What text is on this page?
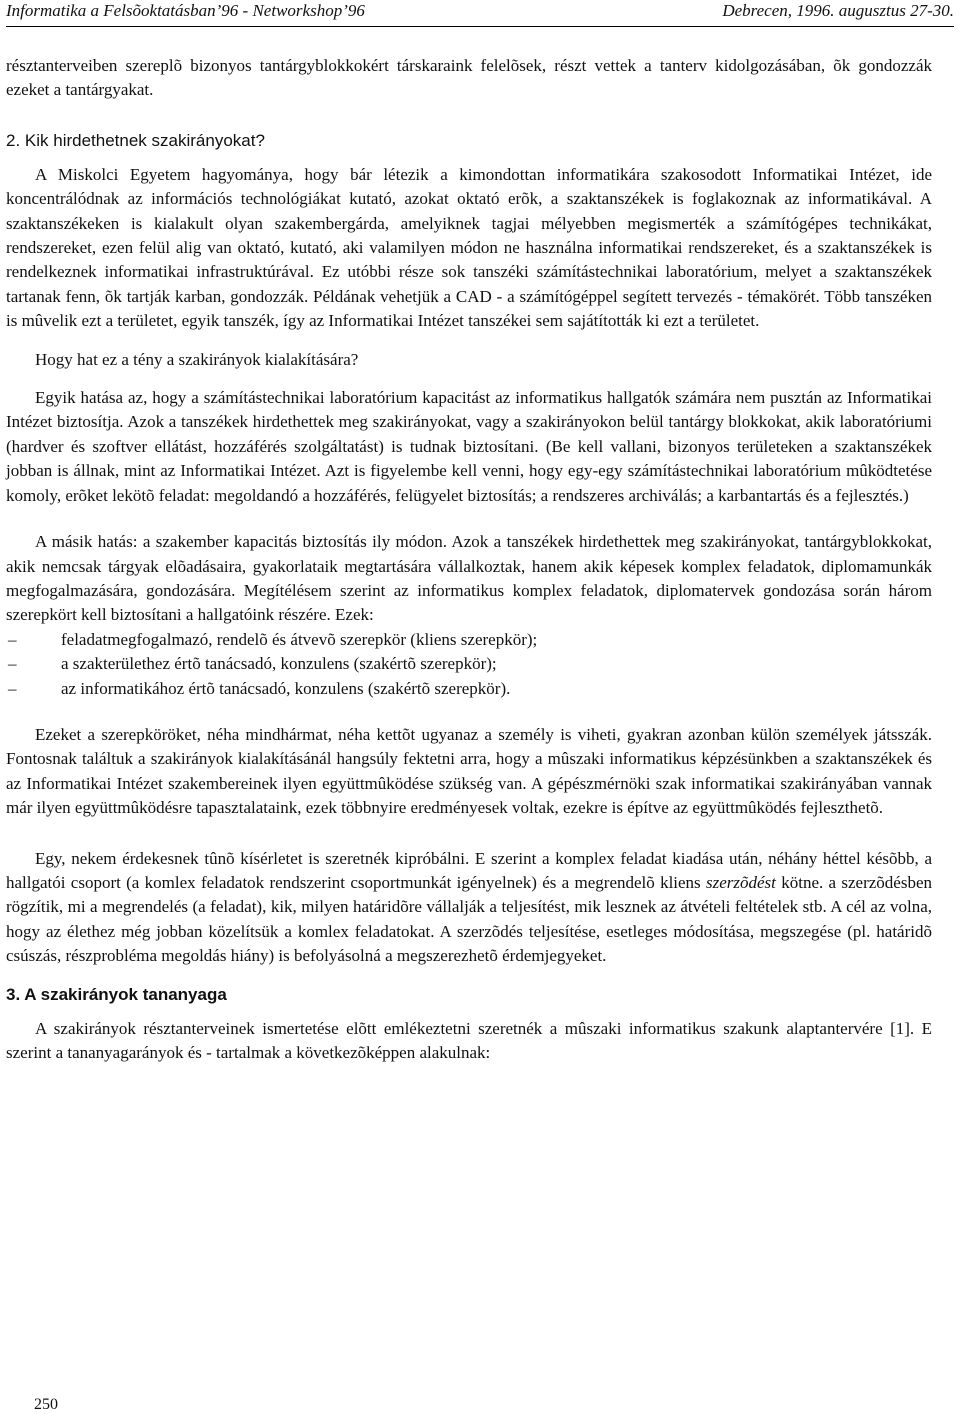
Informatika a Felsõoktatásban’96 - Networkshop’96	Debrecen, 1996. augusztus 27-30.

résztanterveiben szereplõ bizonyos tantárgyblokkokért társkaraink felelõsek, részt vettek a tanterv kidolgozásában, õk gondozzák ezeket a tantárgyakat.

2. Kik hirdethetnek szakirányokat?

A Miskolci Egyetem hagyománya, hogy bár létezik a kimondottan informatikára szakosodott Informatikai Intézet, ide koncentrálódnak az információs technológiákat kutató, azokat oktató erõk, a szaktanszékek is foglakoznak az informatikával. A szaktanszékeken is kialakult olyan szakembergárda, amelyiknek tagjai mélyebben megismerték a számítógépes technikákat, rendszereket, ezen felül alig van oktató, kutató, aki valamilyen módon ne használna informatikai rendszereket, és a szaktanszékek is rendelkeznek informatikai infrastruktúrával. Ez utóbbi része sok tanszéki számítástechnikai laboratórium, melyet a szaktanszékek tartanak fenn, õk tartják karban, gondozzák. Példának vehetjük a CAD - a számítógéppel segített tervezés - témakörét. Több tanszéken is mûvelik ezt a területet, egyik tanszék, így az Informatikai Intézet tanszékei sem sajátították ki ezt a területet.

Hogy hat ez a tény a szakirányok kialakítására?

Egyik hatása az, hogy a számítástechnikai laboratórium kapacitást az informatikus hallgatók számára nem pusztán az Informatikai Intézet biztosítja. Azok a tanszékek hirdethettek meg szakirányokat, vagy a szakirányokon belül tantárgy blokkokat, akik laboratóriumi (hardver és szoftver ellátást, hozzáférés szolgáltatást) is tudnak biztosítani. (Be kell vallani, bizonyos területeken a szaktanszékek jobban is állnak, mint az Informatikai Intézet. Azt is figyelembe kell venni, hogy egy-egy számítástechnikai laboratórium mûködtetése komoly, erõket lekötõ feladat: megoldandó a hozzáférés, felügyelet biztosítás; a rendszeres archiválás; a karbantartás és a fejlesztés.)

A másik hatás: a szakember kapacitás biztosítás ily módon. Azok a tanszékek hirdethettek meg szakirányokat, tantárgyblokkokat, akik nemcsak tárgyak elõadásaira, gyakorlataik megtartására vállalkoztak, hanem akik képesek komplex feladatok, diplomamunkák megfogalmazására, gondozására. Megítélésem szerint az informatikus komplex feladatok, diplomatervek gondozása során három szerepkört kell biztosítani a hallgatóink részére. Ezek:

–	feladatmegfogalmazó, rendelõ és átvevõ szerepkör (kliens szerepkör);
–	a szakterülethez értõ tanácsadó, konzulens (szakértõ szerepkör);
–	az informatikához értõ tanácsadó, konzulens (szakértõ szerepkör).

Ezeket a szerepköröket, néha mindhármat, néha kettõt ugyanaz a személy is viheti, gyakran azonban külön személyek játsszák. Fontosnak találtuk a szakirányok kialakításánál hangsúly fektetni arra, hogy a mûszaki informatikus képzésünkben a szaktanszékek és az Informatikai Intézet szakembereinek ilyen együttmûködése szükség van. A gépészmérnöki szak informatikai szakirányában vannak már ilyen együttmûködésre tapasztalataink, ezek többnyire eredményesek voltak, ezekre is építve az együttmûködés fejleszthetõ.

Egy, nekem érdekesnek tûnõ kísérletet is szeretnék kipróbálni. E szerint a komplex feladat kiadása után, néhány héttel késõbb, a hallgatói csoport (a komlex feladatok rendszerint csoportmunkát igényelnek) és a megrendelõ kliens szerzõdést kötne. a szerzõdésben rögzítik, mi a megrendelés (a feladat), kik, milyen határidõre vállalják a teljesítést, mik lesznek az átvételi feltételek stb. A cél az volna, hogy az élethez még jobban közelítsük a komlex feladatokat. A szerzõdés teljesítése, esetleges módosítása, megszegése (pl. határidõ csúszás, részprobléma megoldás hiány) is befolyásolná a megszerezhetõ érdemjegyeket.

3. A szakirányok tananyaga

A szakirányok résztanterveinek ismertetése elõtt emlékeztetni szeretnék a mûszaki informatikus szakunk alaptantervére [1]. E szerint a tananyagarányok és - tartalmak a következõképpen alakulnak:

250
